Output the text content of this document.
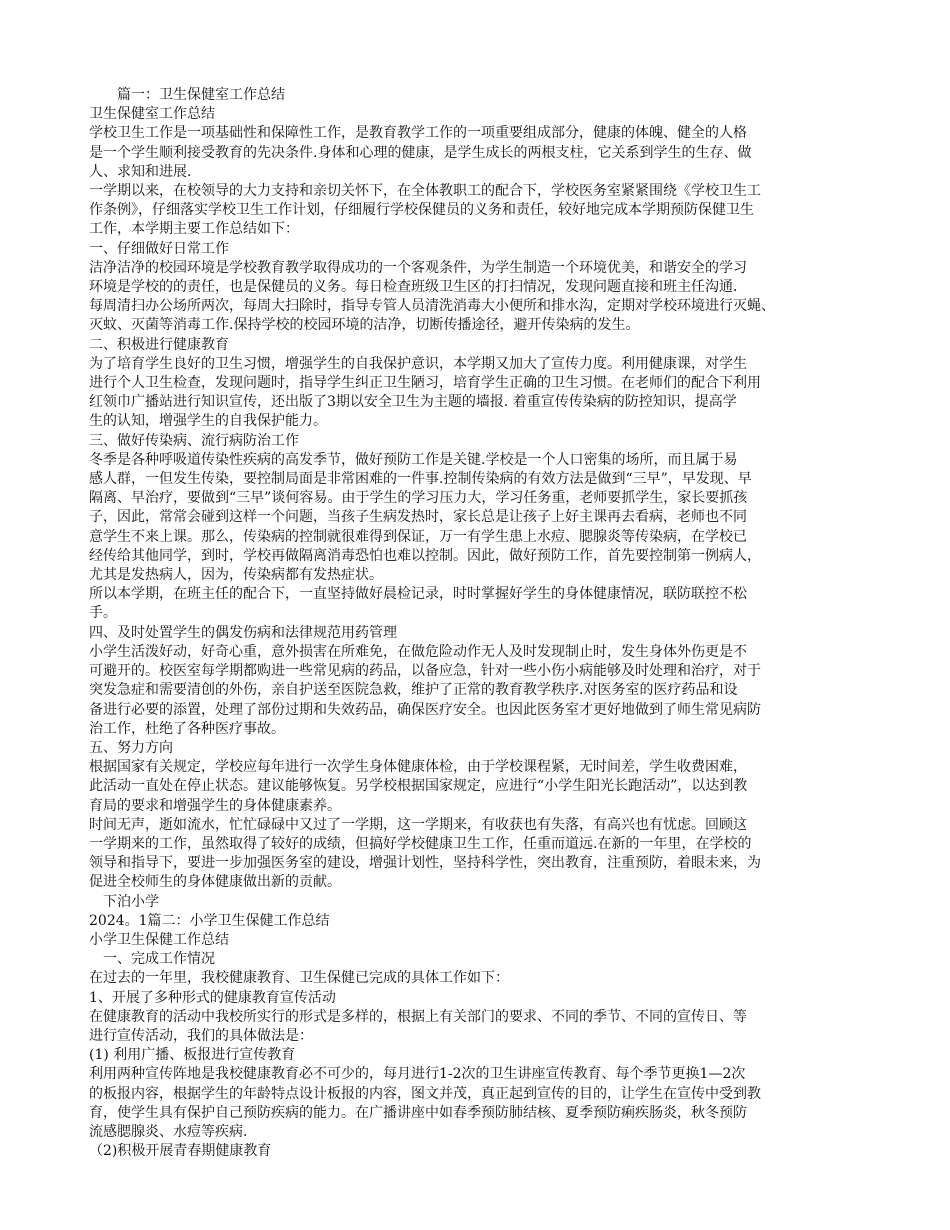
　　篇一：卫生保健室工作总结
卫生保健室工作总结
学校卫生工作是一项基础性和保障性工作，是教育教学工作的一项重要组成部分，健康的体魄、健全的人格
是一个学生顺利接受教育的先决条件.身体和心理的健康，是学生成长的两根支柱，它关系到学生的生存、做
人、求知和进展.
一学期以来，在校领导的大力支持和亲切关怀下，在全体教职工的配合下，学校医务室紧紧围绕《学校卫生工
作条例》，仔细落实学校卫生工作计划，仔细履行学校保健员的义务和责任，较好地完成本学期预防保健卫生
工作，本学期主要工作总结如下：
一、仔细做好日常工作
洁净洁净的校园环境是学校教育教学取得成功的一个客观条件，为学生制造一个环境优美，和谐安全的学习
环境是学校的的责任，也是保健员的义务。每日检查班级卫生区的打扫情况，发现问题直接和班主任沟通.
每周清扫办公场所两次，每周大扫除时，指导专管人员清洗消毒大小便所和排水沟，定期对学校环境进行灭蝇、
灭蚊、灭菌等消毒工作.保持学校的校园环境的洁净，切断传播途径，避开传染病的发生。
二、积极进行健康教育
为了培育学生良好的卫生习惯，增强学生的自我保护意识，本学期又加大了宣传力度。利用健康课，对学生
进行个人卫生检查，发现问题时，指导学生纠正卫生陋习，培育学生正确的卫生习惯。在老师们的配合下利用
红领巾广播站进行知识宣传，还出版了3期以安全卫生为主题的墙报. 着重宣传传染病的防控知识，提高学
生的认知，增强学生的自我保护能力。
三、做好传染病、流行病防治工作
冬季是各种呼吸道传染性疾病的高发季节，做好预防工作是关键.学校是一个人口密集的场所，而且属于易
感人群，一但发生传染，要控制局面是非常困难的一件事.控制传染病的有效方法是做到“三早”，早发现、早
隔离、早治疗，要做到“三早”谈何容易。由于学生的学习压力大，学习任务重，老师要抓学生，家长要抓孩
子，因此，常常会碰到这样一个问题，当孩子生病发热时，家长总是让孩子上好主课再去看病，老师也不同
意学生不来上课。那么，传染病的控制就很难得到保证，万一有学生患上水痘、腮腺炎等传染病，在学校已
经传给其他同学，到时，学校再做隔离消毒恐怕也难以控制。因此，做好预防工作，首先要控制第一例病人，
尤其是发热病人，因为，传染病都有发热症状。
所以本学期，在班主任的配合下，一直坚持做好晨检记录，时时掌握好学生的身体健康情况，联防联控不松
手。
四、及时处置学生的偶发伤病和法律规范用药管理
小学生活泼好动，好奇心重，意外损害在所难免，在做危险动作无人及时发现制止时，发生身体外伤更是不
可避开的。校医室每学期都购进一些常见病的药品，以备应急，针对一些小伤小病能够及时处理和治疗，对于
突发急症和需要清创的外伤，亲自护送至医院急救，维护了正常的教育教学秩序.对医务室的医疗药品和设
备进行必要的添置，处理了部份过期和失效药品，确保医疗安全。也因此医务室才更好地做到了师生常见病防
治工作，杜绝了各种医疗事故。
五、努力方向
根据国家有关规定，学校应每年进行一次学生身体健康体检，由于学校课程紧，无时间差，学生收费困难，
此活动一直处在停止状态。建议能够恢复。另学校根据国家规定，应进行“小学生阳光长跑活动”，以达到教
育局的要求和增强学生的身体健康素养。
时间无声，逝如流水，忙忙碌碌中又过了一学期，这一学期来，有收获也有失落，有高兴也有忧虑。回顾这
一学期来的工作，虽然取得了较好的成绩，但搞好学校健康卫生工作，任重而道远.在新的一年里，在学校的
领导和指导下，要进一步加强医务室的建设，增强计划性，坚持科学性，突出教育，注重预防，着眼未来，为
促进全校师生的身体健康做出新的贡献。
　下泊小学
2024。1篇二：小学卫生保健工作总结
小学卫生保健工作总结
　一、完成工作情况
在过去的一年里，我校健康教育、卫生保健已完成的具体工作如下：
1、开展了多种形式的健康教育宣传活动
在健康教育的活动中我校所实行的形式是多样的，根据上有关部门的要求、不同的季节、不同的宣传日、等
进行宣传活动，我们的具体做法是：
(1) 利用广播、板报进行宣传教育
利用两种宣传阵地是我校健康教育必不可少的，每月进行1-2次的卫生讲座宣传教育、每个季节更换1—2次
的板报内容，根据学生的年龄特点设计板报的内容，图文并茂，真正起到宣传的目的，让学生在宣传中受到教
育，使学生具有保护自己预防疾病的能力。在广播讲座中如春季预防肺结核、夏季预防痢疾肠炎，秋冬预防
流感腮腺炎、水痘等疾病.
（2)积极开展青春期健康教育
